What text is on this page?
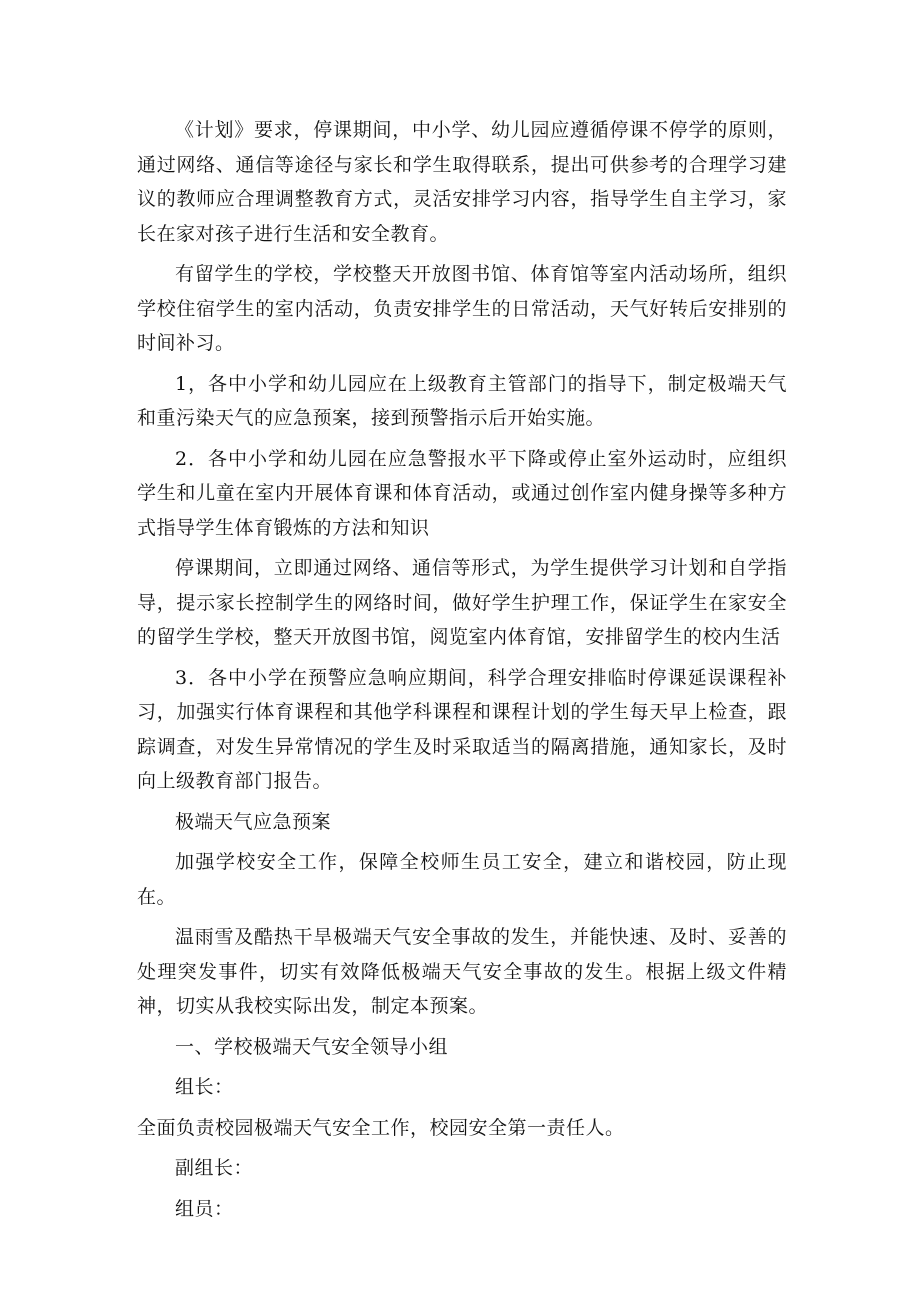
《计划》要求，停课期间，中小学、幼儿园应遵循停课不停学的原则，通过网络、通信等途径与家长和学生取得联系，提出可供参考的合理学习建议的教师应合理调整教育方式，灵活安排学习内容，指导学生自主学习，家长在家对孩子进行生活和安全教育。

有留学生的学校，学校整天开放图书馆、体育馆等室内活动场所，组织学校住宿学生的室内活动，负责安排学生的日常活动，天气好转后安排别的时间补习。

1，各中小学和幼儿园应在上级教育主管部门的指导下，制定极端天气和重污染天气的应急预案，接到预警指示后开始实施。

2．各中小学和幼儿园在应急警报水平下降或停止室外运动时，应组织学生和儿童在室内开展体育课和体育活动，或通过创作室内健身操等多种方式指导学生体育锻炼的方法和知识

停课期间，立即通过网络、通信等形式，为学生提供学习计划和自学指导，提示家长控制学生的网络时间，做好学生护理工作，保证学生在家安全的留学生学校，整天开放图书馆，阅览室内体育馆，安排留学生的校内生活

3．各中小学在预警应急响应期间，科学合理安排临时停课延误课程补习，加强实行体育课程和其他学科课程和课程计划的学生每天早上检查，跟踪调查，对发生异常情况的学生及时采取适当的隔离措施，通知家长，及时向上级教育部门报告。

极端天气应急预案

加强学校安全工作，保障全校师生员工安全，建立和谐校园，防止现在。

温雨雪及酷热干旱极端天气安全事故的发生，并能快速、及时、妥善的处理突发事件，切实有效降低极端天气安全事故的发生。根据上级文件精神，切实从我校实际出发，制定本预案。

一、学校极端天气安全领导小组

组长：

全面负责校园极端天气安全工作，校园安全第一责任人。

副组长：

组员：
